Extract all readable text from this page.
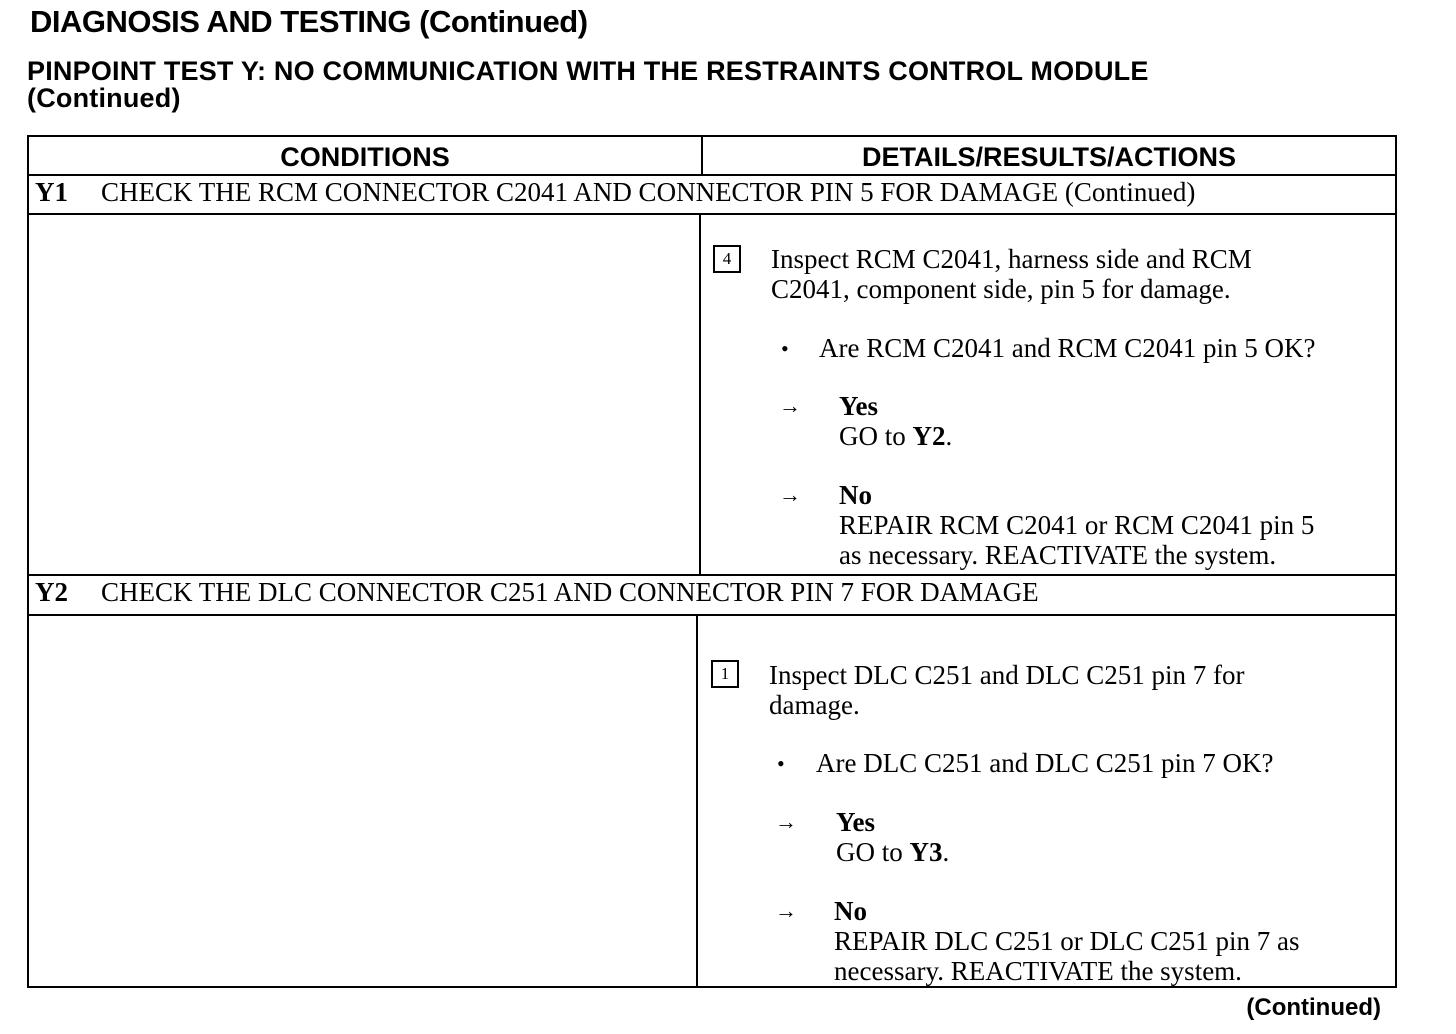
DIAGNOSIS AND TESTING (Continued)
PINPOINT TEST Y: NO COMMUNICATION WITH THE RESTRAINTS CONTROL MODULE
(Continued)
CONDITIONS	DETAILS/RESULTS/ACTIONS
Y1 CHECK THE RCM CONNECTOR C2041 AND CONNECTOR PIN 5 FOR DAMAGE (Continued)
4	Inspect RCM C2041, harness side and RCM
C2041, component side, pin 5 for damage.
• Are RCM C2041 and RCM C2041 pin 5 OK?
→ Yes
GO to Y2.
→ No
REPAIR RCM C2041 or RCM C2041 pin 5
as necessary. REACTIVATE the system.
Y2 CHECK THE DLC CONNECTOR C251 AND CONNECTOR PIN 7 FOR DAMAGE
1	Inspect DLC C251 and DLC C251 pin 7 for
damage.
• Are DLC C251 and DLC C251 pin 7 OK?
→ Yes
GO to Y3.
→ No
REPAIR DLC C251 or DLC C251 pin 7 as
necessary. REACTIVATE the system.
(Continued)
